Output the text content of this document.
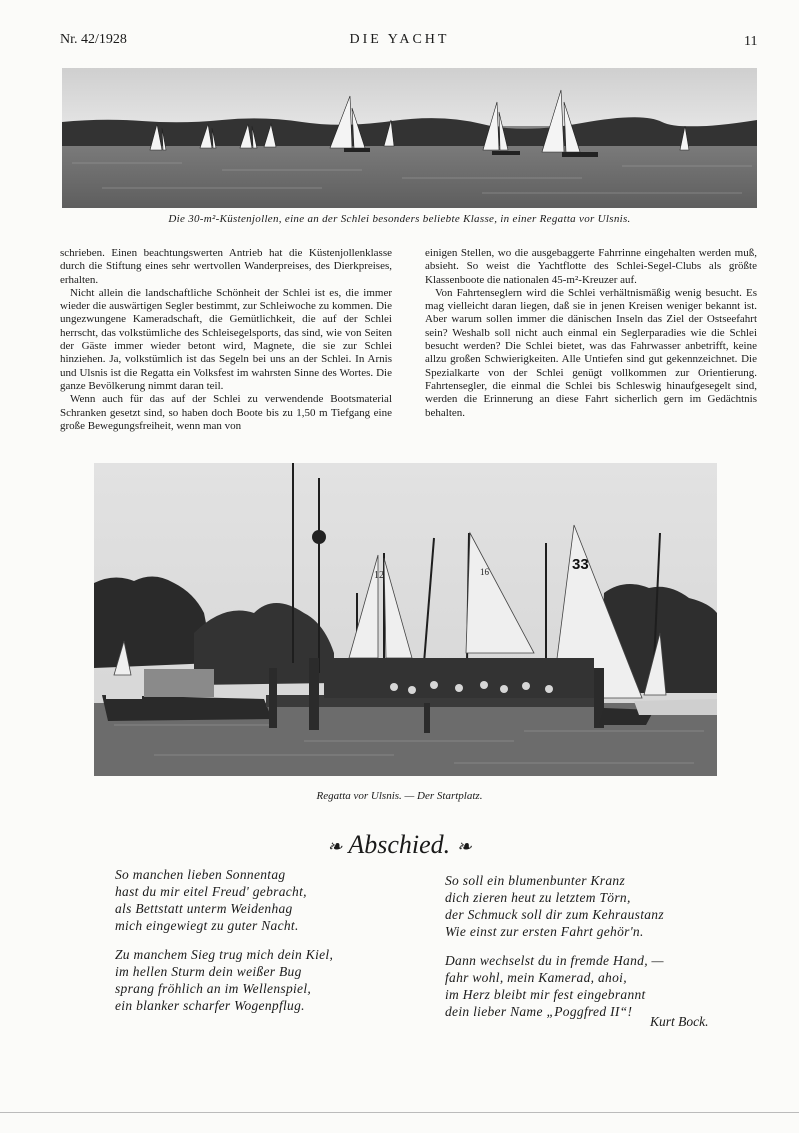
Nr. 42/1928	DIE YACHT	11
Die 30-m²-Küstenjollen, eine an der Schlei besonders beliebte Klasse, in einer Regatta vor Ulsnis.

schrieben. Einen beachtungswerten Antrieb hat die Küstenjollenklasse durch die Stiftung eines sehr wertvollen Wanderpreises, des Dierkpreises, erhalten.

Nicht allein die landschaftliche Schönheit der Schlei ist es, die immer wieder die auswärtigen Segler bestimmt, zur Schleiwoche zu kommen. Die ungezwungene Kameradschaft, die Gemütlichkeit, die auf der Schlei herrscht, das volkstümliche des Schleisegelsports, das sind, wie von Seiten der Gäste immer wieder betont wird, Magnete, die sie zur Schlei hinziehen. Ja, volkstümlich ist das Segeln bei uns an der Schlei. In Arnis und Ulsnis ist die Regatta ein Volksfest im wahrsten Sinne des Wortes. Die ganze Bevölkerung nimmt daran teil.

Wenn auch für das auf der Schlei zu verwendende Bootsmaterial Schranken gesetzt sind, so haben doch Boote bis zu 1,50 m Tiefgang eine große Bewegungsfreiheit, wenn man von

einigen Stellen, wo die ausgebaggerte Fahrrinne eingehalten werden muß, absieht. So weist die Yachtflotte des Schlei-Segel-Clubs als größte Klassenboote die nationalen 45-m²-Kreuzer auf.

Von Fahrtenseglern wird die Schlei verhältnismäßig wenig besucht. Es mag vielleicht daran liegen, daß sie in jenen Kreisen weniger bekannt ist. Aber warum sollen immer die dänischen Inseln das Ziel der Ostseefahrt sein? Weshalb soll nicht auch einmal ein Seglerparadies wie die Schlei besucht werden? Die Schlei bietet, was das Fahrwasser anbetrifft, keine allzu großen Schwierigkeiten. Alle Untiefen sind gut gekennzeichnet. Die Spezialkarte von der Schlei genügt vollkommen zur Orientierung. Fahrtensegler, die einmal die Schlei bis Schleswig hinaufgesegelt sind, werden die Erinnerung an diese Fahrt sicherlich gern im Gedächtnis behalten.

12	16	33
Regatta vor Ulsnis. — Der Startplatz.
❧ Abschied. ❧
So manchen lieben Sonnentag
hast du mir eitel Freud' gebracht,
als Bettstatt unterm Weidenhag
mich eingewiegt zu guter Nacht.
Zu manchem Sieg trug mich dein Kiel,
im hellen Sturm dein weißer Bug
sprang fröhlich an im Wellenspiel,
ein blanker scharfer Wogenpflug.
So soll ein blumenbunter Kranz
dich zieren heut zu letztem Törn,
der Schmuck soll dir zum Kehraustanz
Wie einst zur ersten Fahrt gehör'n.
Dann wechselst du in fremde Hand, —
fahr wohl, mein Kamerad, ahoi,
im Herz bleibt mir fest eingebrannt
dein lieber Name „Poggfred II“!
Kurt Bock.
